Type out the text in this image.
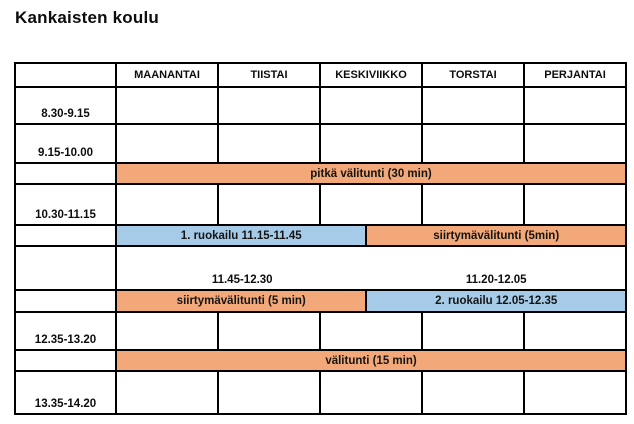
Kankaisten koulu
MAANANTAI	TIISTAI	KESKIVIIKKO	TORSTAI	PERJANTAI
8.30-9.15
9.15-10.00
pitkä välitunti (30 min)
10.30-11.15
1. ruokailu 11.15-11.45	siirtymävälitunti (5min)
11.45-12.30	11.20-12.05
siirtymävälitunti (5 min)	2. ruokailu 12.05-12.35
12.35-13.20
välitunti (15 min)
13.35-14.20
